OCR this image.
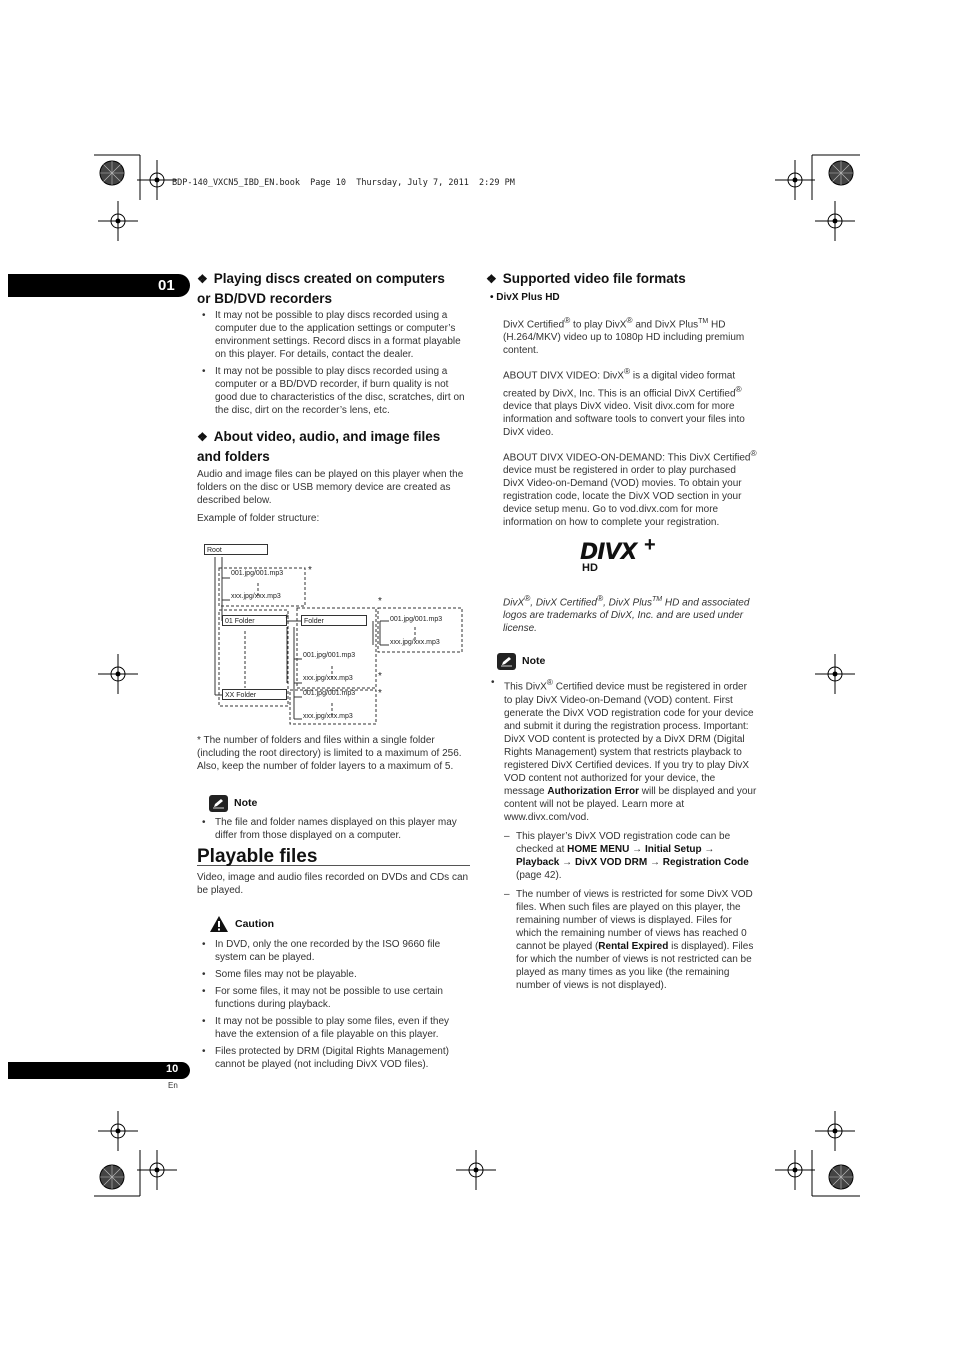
BDP-140_VXCN5_IBD_EN.book  Page 10  Thursday, July 7, 2011  2:29 PM
01
10
En
❖ Playing discs created on computers
or BD/DVD recorders
• It may not be possible to play discs recorded using a computer due to the application settings or computer’s environment settings. Record discs in a format playable on this player. For details, contact the dealer.
• It may not be possible to play discs recorded using a computer or a BD/DVD recorder, if burn quality is not good due to characteristics of the disc, scratches, dirt on the disc, dirt on the recorder’s lens, etc.
❖ About video, audio, and image files
and folders

Audio and image files can be played on this player when the folders on the disc or USB memory device are created as described below.

Example of folder structure:

Root
01 Folder	Folder
XX Folder
001.jpg/001.mp3
xxx.jpg/xxx.mp3
001.jpg/001.mp3
xxx.jpg/xxx.mp3
001.jpg/001.mp3
xxx.jpg/xxx.mp3
001.jpg/001.mp3
xxx.jpg/xxx.mp3
*
*
*
*
*

* The number of folders and files within a single folder (including the root directory) is limited to a maximum of 256. Also, keep the number of folder layers to a maximum of 5.

Note
• The file and folder names displayed on this player may differ from those displayed on a computer.
Playable files

Video, image and audio files recorded on DVDs and CDs can be played.

Caution
• In DVD, only the one recorded by the ISO 9660 file system can be played.
• Some files may not be playable.
• For some files, it may not be possible to use certain functions during playback.
• It may not be possible to play some files, even if they have the extension of a file playable on this player.
• Files protected by DRM (Digital Rights Management) cannot be played (not including DivX VOD files).
❖ Supported video file formats
• DivX Plus HD

DivX Certified® to play DivX® and DivX Plus™ HD (H.264/MKV) video up to 1080p HD including premium content.

ABOUT DIVX VIDEO: DivX® is a digital video format created by DivX, Inc. This is an official DivX Certified® device that plays DivX video. Visit divx.com for more information and software tools to convert your files into DivX video.

ABOUT DIVX VIDEO-ON-DEMAND: This DivX Certified® device must be registered in order to play purchased DivX Video-on-Demand (VOD) movies. To obtain your registration code, locate the DivX VOD section in your device setup menu. Go to vod.divx.com for more information on how to complete your registration.

DIVX +
HD

DivX®, DivX Certified®, DivX Plus™ HD and associated logos are trademarks of DivX, Inc. and are used under license.

Note
• This DivX® Certified device must be registered in order to play DivX Video-on-Demand (VOD) content. First generate the DivX VOD registration code for your device and submit it during the registration process. Important: DivX VOD content is protected by a DivX DRM (Digital Rights Management) system that restricts playback to registered DivX Certified devices. If you try to play DivX VOD content not authorized for your device, the message Authorization Error will be displayed and your content will not be played. Learn more at www.divx.com/vod.
– This player’s DivX VOD registration code can be checked at HOME MENU → Initial Setup → Playback → DivX VOD DRM → Registration Code (page 42).
– The number of views is restricted for some DivX VOD files. When such files are played on this player, the remaining number of views is displayed. Files for which the remaining number of views has reached 0 cannot be played (Rental Expired is displayed). Files for which the number of views is not restricted can be played as many times as you like (the remaining number of views is not displayed).
